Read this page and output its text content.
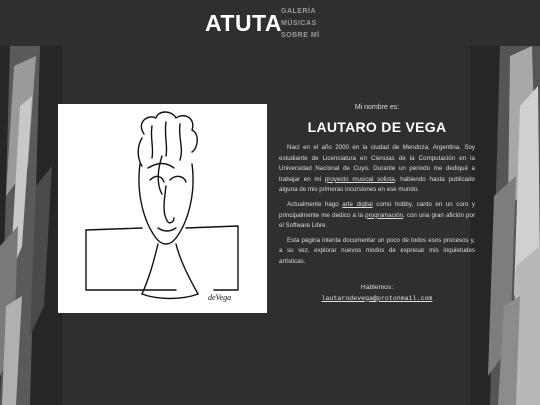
ATUTA
GALERÍA
MÚSICAS
SOBRE MÍ
deVega

Mi nombre es:

LAUTARO DE VEGA

Nací en el año 2000 en la ciudad de Mendoza, Argentina. Soy estudiante de Licenciatura en Ciencias de la Computación en la Universidad Nacional de Cuyo. Durante un periodo me dediqué a trabajar en mi proyecto musical solista, habiendo hasta publicado alguna de mis primeras incursiones en ese mundo.

Actualmente hago arte digital como hobby, canto en un coro y principalmente me dedico a la programación, con una gran afición por el Software Libre.

Esta página intenta documentar un poco de todos esos procesos y, a su vez, explorar nuevos modos de expresar mis inquietudes artísticas.

Hablemos:
lautarodevega@protonmail.com
